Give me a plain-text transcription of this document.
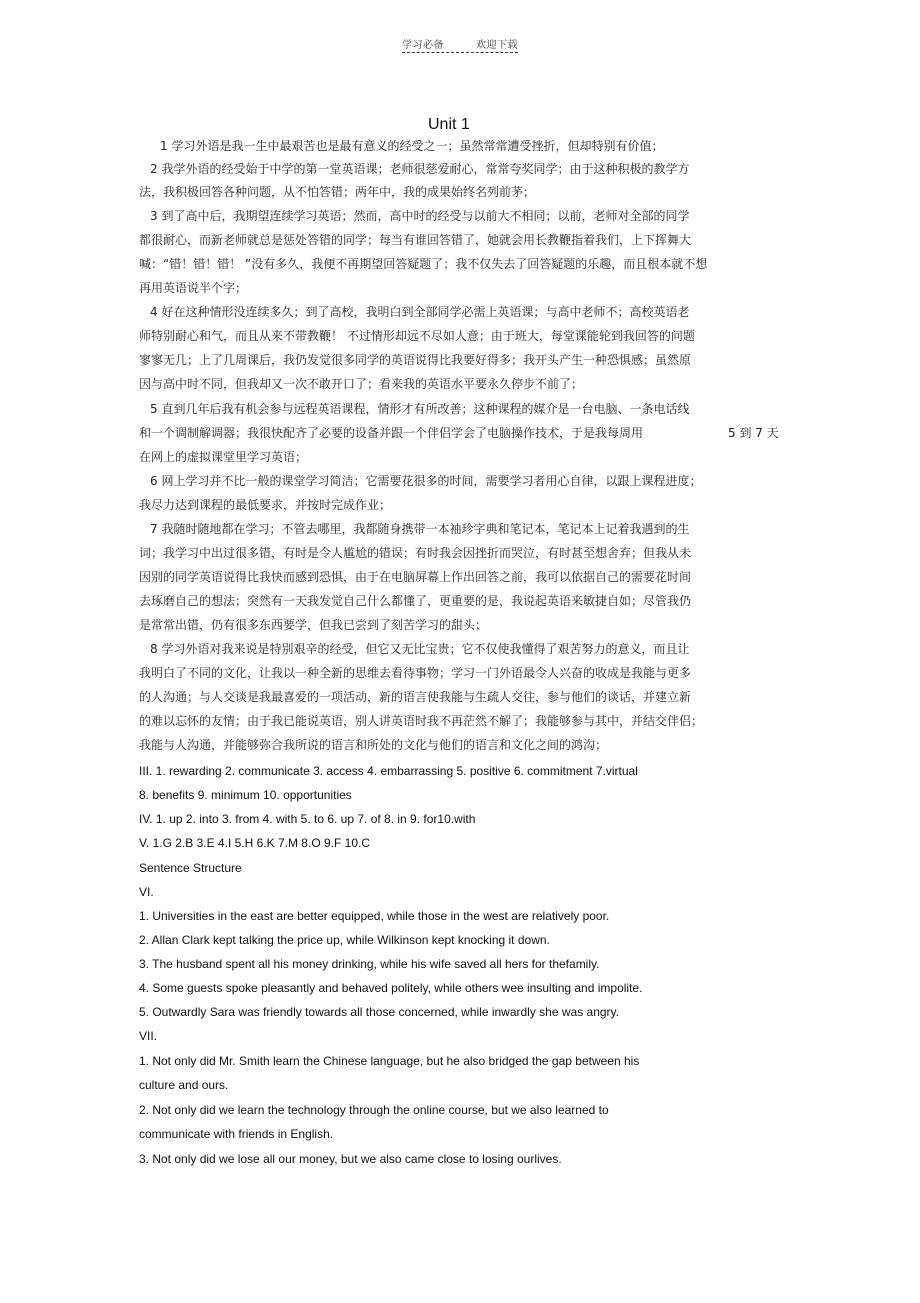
学习必备	欢迎下载
Unit 1
1 学习外语是我一生中最艰苦也是最有意义的经受之一；虽然常常遭受挫折，但却特别有价值；
2 我学外语的经受始于中学的第一堂英语课；老师很慈爱耐心，常常夸奖同学；由于这种积极的教学方
法，我积极回答各种问题，从不怕答错；两年中，我的成果始终名列前茅；
3 到了高中后，我期望连续学习英语；然而，高中时的经受与以前大不相同；以前，老师对全部的同学
都很耐心，而新老师就总是惩处答错的同学；每当有谁回答错了，她就会用长教鞭指着我们，上下挥舞大
喊：“错！错！错！ ”没有多久，我便不再期望回答疑题了；我不仅失去了回答疑题的乐趣，而且根本就不想
再用英语说半个字；
4 好在这种情形没连续多久；到了高校，我明白到全部同学必需上英语课；与高中老师不；高校英语老
师特别耐心和气，而且从来不带教鞭！ 不过情形却远不尽如人意；由于班大，每堂课能轮到我回答的问题
寥寥无几；上了几周课后，我仍发觉很多同学的英语说得比我要好得多；我开头产生一种恐惧感；虽然原
因与高中时不同，但我却又一次不敢开口了；看来我的英语水平要永久停步不前了；
5 直到几年后我有机会参与远程英语课程，情形才有所改善；这种课程的媒介是一台电脑、一条电话线
和一个调制解调器；我很快配齐了必要的设备并跟一个伴侣学会了电脑操作技术，于是我每周用	5 到 7 天
在网上的虚拟课堂里学习英语；
6 网上学习并不比一般的课堂学习简洁；它需要花很多的时间，需要学习者用心自律，以跟上课程进度；
我尽力达到课程的最低要求，并按时完成作业；
7 我随时随地都在学习；不管去哪里，我都随身携带一本袖珍字典和笔记本，笔记本上记着我遇到的生
词；我学习中出过很多错，有时是令人尴尬的错误；有时我会因挫折而哭泣，有时甚至想舍弃；但我从未
因别的同学英语说得比我快而感到恐惧，由于在电脑屏幕上作出回答之前，我可以依据自己的需要花时间
去琢磨自己的想法；突然有一天我发觉自己什么都懂了，更重要的是，我说起英语来敏捷自如；尽管我仍
是常常出错，仍有很多东西要学，但我已尝到了刻苦学习的甜头；
8 学习外语对我来说是特别艰辛的经受，但它又无比宝贵；它不仅使我懂得了艰苦努力的意义，而且让
我明白了不同的文化，让我以一种全新的思维去看待事物；学习一门外语最令人兴奋的收成是我能与更多
的人沟通；与人交谈是我最喜爱的一项活动，新的语言使我能与生疏人交往，参与他们的谈话，并建立新
的难以忘怀的友情；由于我已能说英语，别人讲英语时我不再茫然不解了；我能够参与其中，并结交伴侣；
我能与人沟通，并能够弥合我所说的语言和所处的文化与他们的语言和文化之间的鸿沟；
III. 1. rewarding 2. communicate 3. access 4. embarrassing 5. positive 6. commitment 7.virtual
8. benefits 9. minimum 10. opportunities
IV. 1. up 2. into 3. from 4. with 5. to 6. up 7. of 8. in 9. for10.with
V. 1.G 2.B 3.E 4.I 5.H 6.K 7.M 8.O 9.F 10.C
Sentence Structure
VI.
1. Universities in the east are better equipped, while those in the west are relatively poor.
2. Allan Clark kept talking the price up, while Wilkinson kept knocking it down.
3. The husband spent all his money drinking, while his wife saved all hers for thefamily.
4. Some guests spoke pleasantly and behaved politely, while others wee insulting and impolite.
5. Outwardly Sara was friendly towards all those concerned, while inwardly she was angry.
VII.
1. Not only did Mr. Smith learn the Chinese language, but he also bridged the gap between his
culture and ours.
2. Not only did we learn the technology through the online course, but we also learned to
communicate with friends in English.
3. Not only did we lose all our money, but we also came close to losing ourlives.
